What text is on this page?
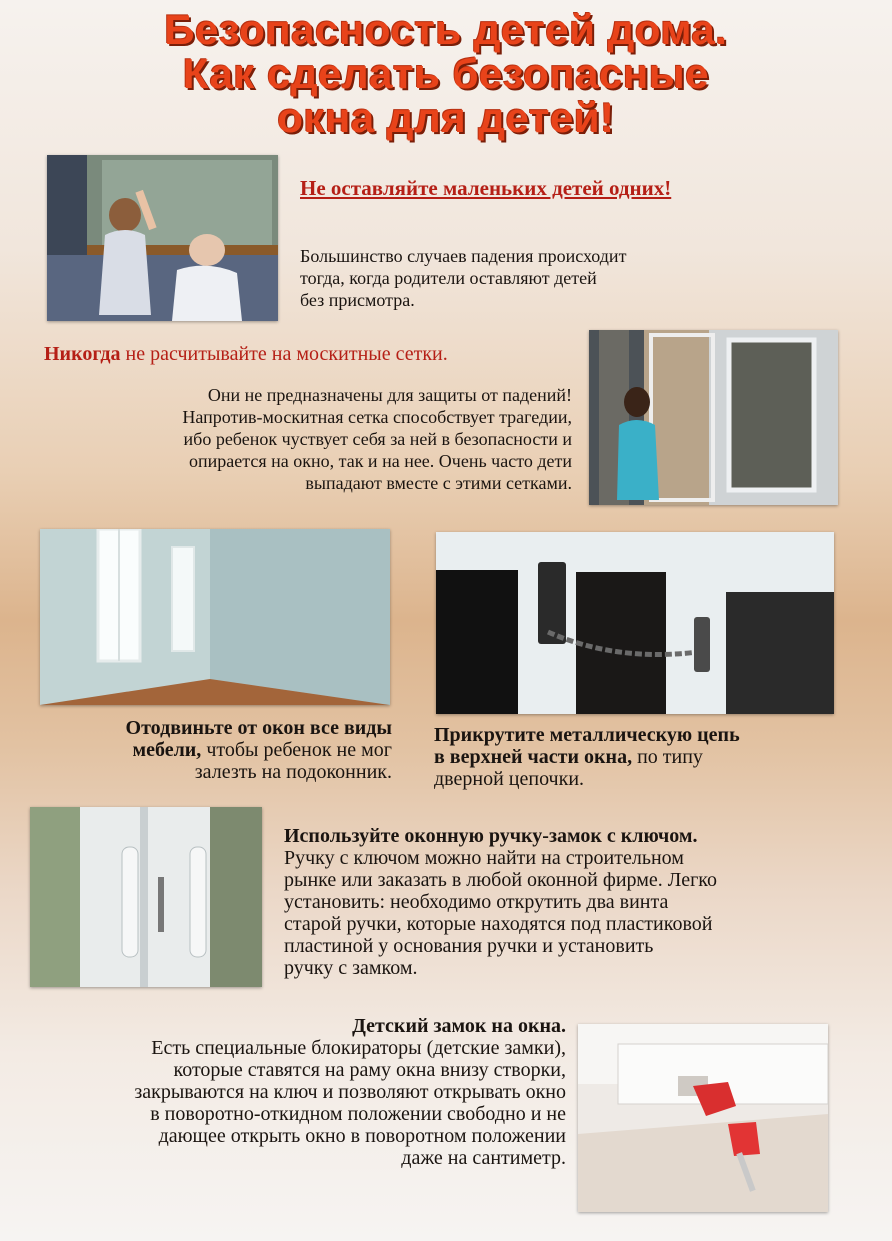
Безопасность детей дома.
Как сделать безопасные
окна для детей!

Не оставляйте маленьких детей одних!

Большинство случаев падения происходит

тогда, когда родители оставляют детей

без присмотра.

Никогда не расчитывайте на москитные сетки.

Они не предназначены для защиты от падений!

Напротив-москитная сетка способствует трагедии,

ибо ребенок чуствует себя за ней в безопасности и

опирается на окно, так и на нее. Очень часто дети

выпадают вместе с этими сетками.

Отодвиньте от окон все виды

мебели, чтобы ребенок не мог

залезть на подоконник.

Прикрутите металлическую цепь

в верхней части окна, по типу

дверной цепочки.

Используйте оконную ручку-замок с ключом.

Ручку с ключом можно найти на строительном

рынке или заказать в любой оконной фирме. Легко

установить: необходимо открутить два винта

старой ручки, которые находятся под пластиковой

пластиной у основания ручки и установить

ручку с замком.

Детский замок на окна.

Есть специальные блокираторы (детские замки),

которые ставятся на раму окна внизу створки,

закрываются на ключ и позволяют открывать окно

в поворотно-откидном положении свободно и не

дающее открыть окно в поворотном положении

даже на сантиметр.
